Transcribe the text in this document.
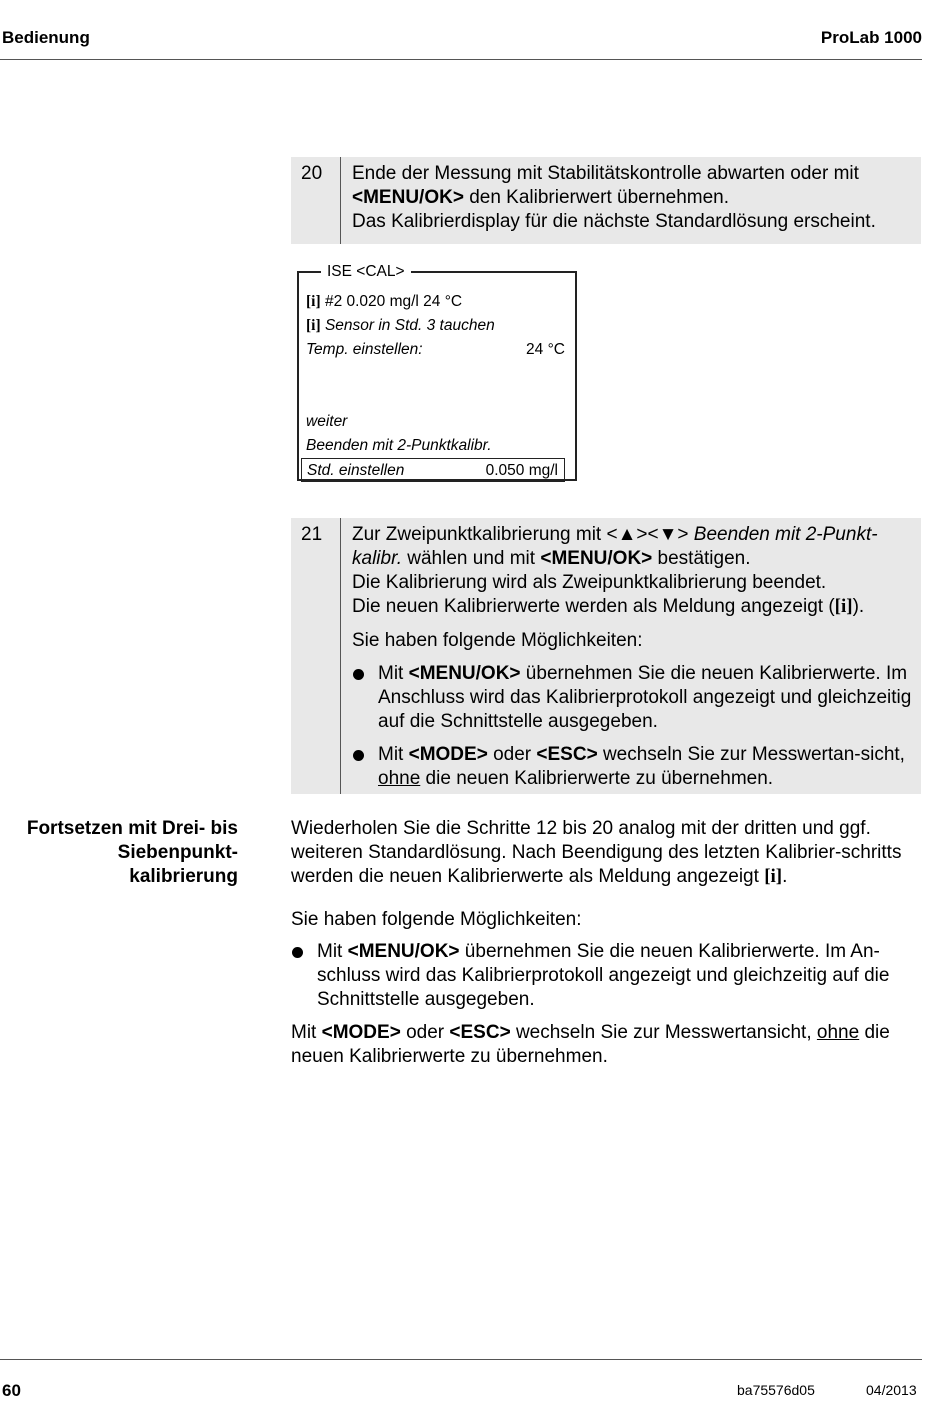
Bedienung	ProLab 1000
20 Ende der Messung mit Stabilitätskontrolle abwarten oder mit

<MENU/OK> den Kalibrierwert übernehmen.

Das Kalibrierdisplay für die nächste Standardlösung erscheint.

ISE <CAL>
[i] #2 0.020 mg/l 24 °C
[i] Sensor in Std. 3 tauchen
Temp. einstellen:	24 °C
weiter
Beenden mit 2-Punktkalibr.
Std. einstellen	0.050 mg/l
21 Zur Zweipunktkalibrierung mit <▲><▼> Beenden mit 2-Punkt-kalibr. wählen und mit <MENU/OK> bestätigen.

Die Kalibrierung wird als Zweipunktkalibrierung beendet.

Die neuen Kalibrierwerte werden als Meldung angezeigt ([i]).

Sie haben folgende Möglichkeiten:

Mit <MENU/OK> übernehmen Sie die neuen Kalibrierwerte. Im Anschluss wird das Kalibrierprotokoll angezeigt und gleichzeitig auf die Schnittstelle ausgegeben.
Mit <MODE> oder <ESC> wechseln Sie zur Messwertan-sicht, ohne die neuen Kalibrierwerte zu übernehmen.

Fortsetzen mit Drei- bis

Siebenpunkt-

kalibrierung

Wiederholen Sie die Schritte 12 bis 20 analog mit der dritten und ggf. weiteren Standardlösung. Nach Beendigung des letzten Kalibrier-schritts werden die neuen Kalibrierwerte als Meldung angezeigt [i].

Sie haben folgende Möglichkeiten:

Mit <MENU/OK> übernehmen Sie die neuen Kalibrierwerte. Im An-schluss wird das Kalibrierprotokoll angezeigt und gleichzeitig auf die Schnittstelle ausgegeben.

Mit <MODE> oder <ESC> wechseln Sie zur Messwertansicht, ohne die neuen Kalibrierwerte zu übernehmen.

60	ba75576d05	04/2013
